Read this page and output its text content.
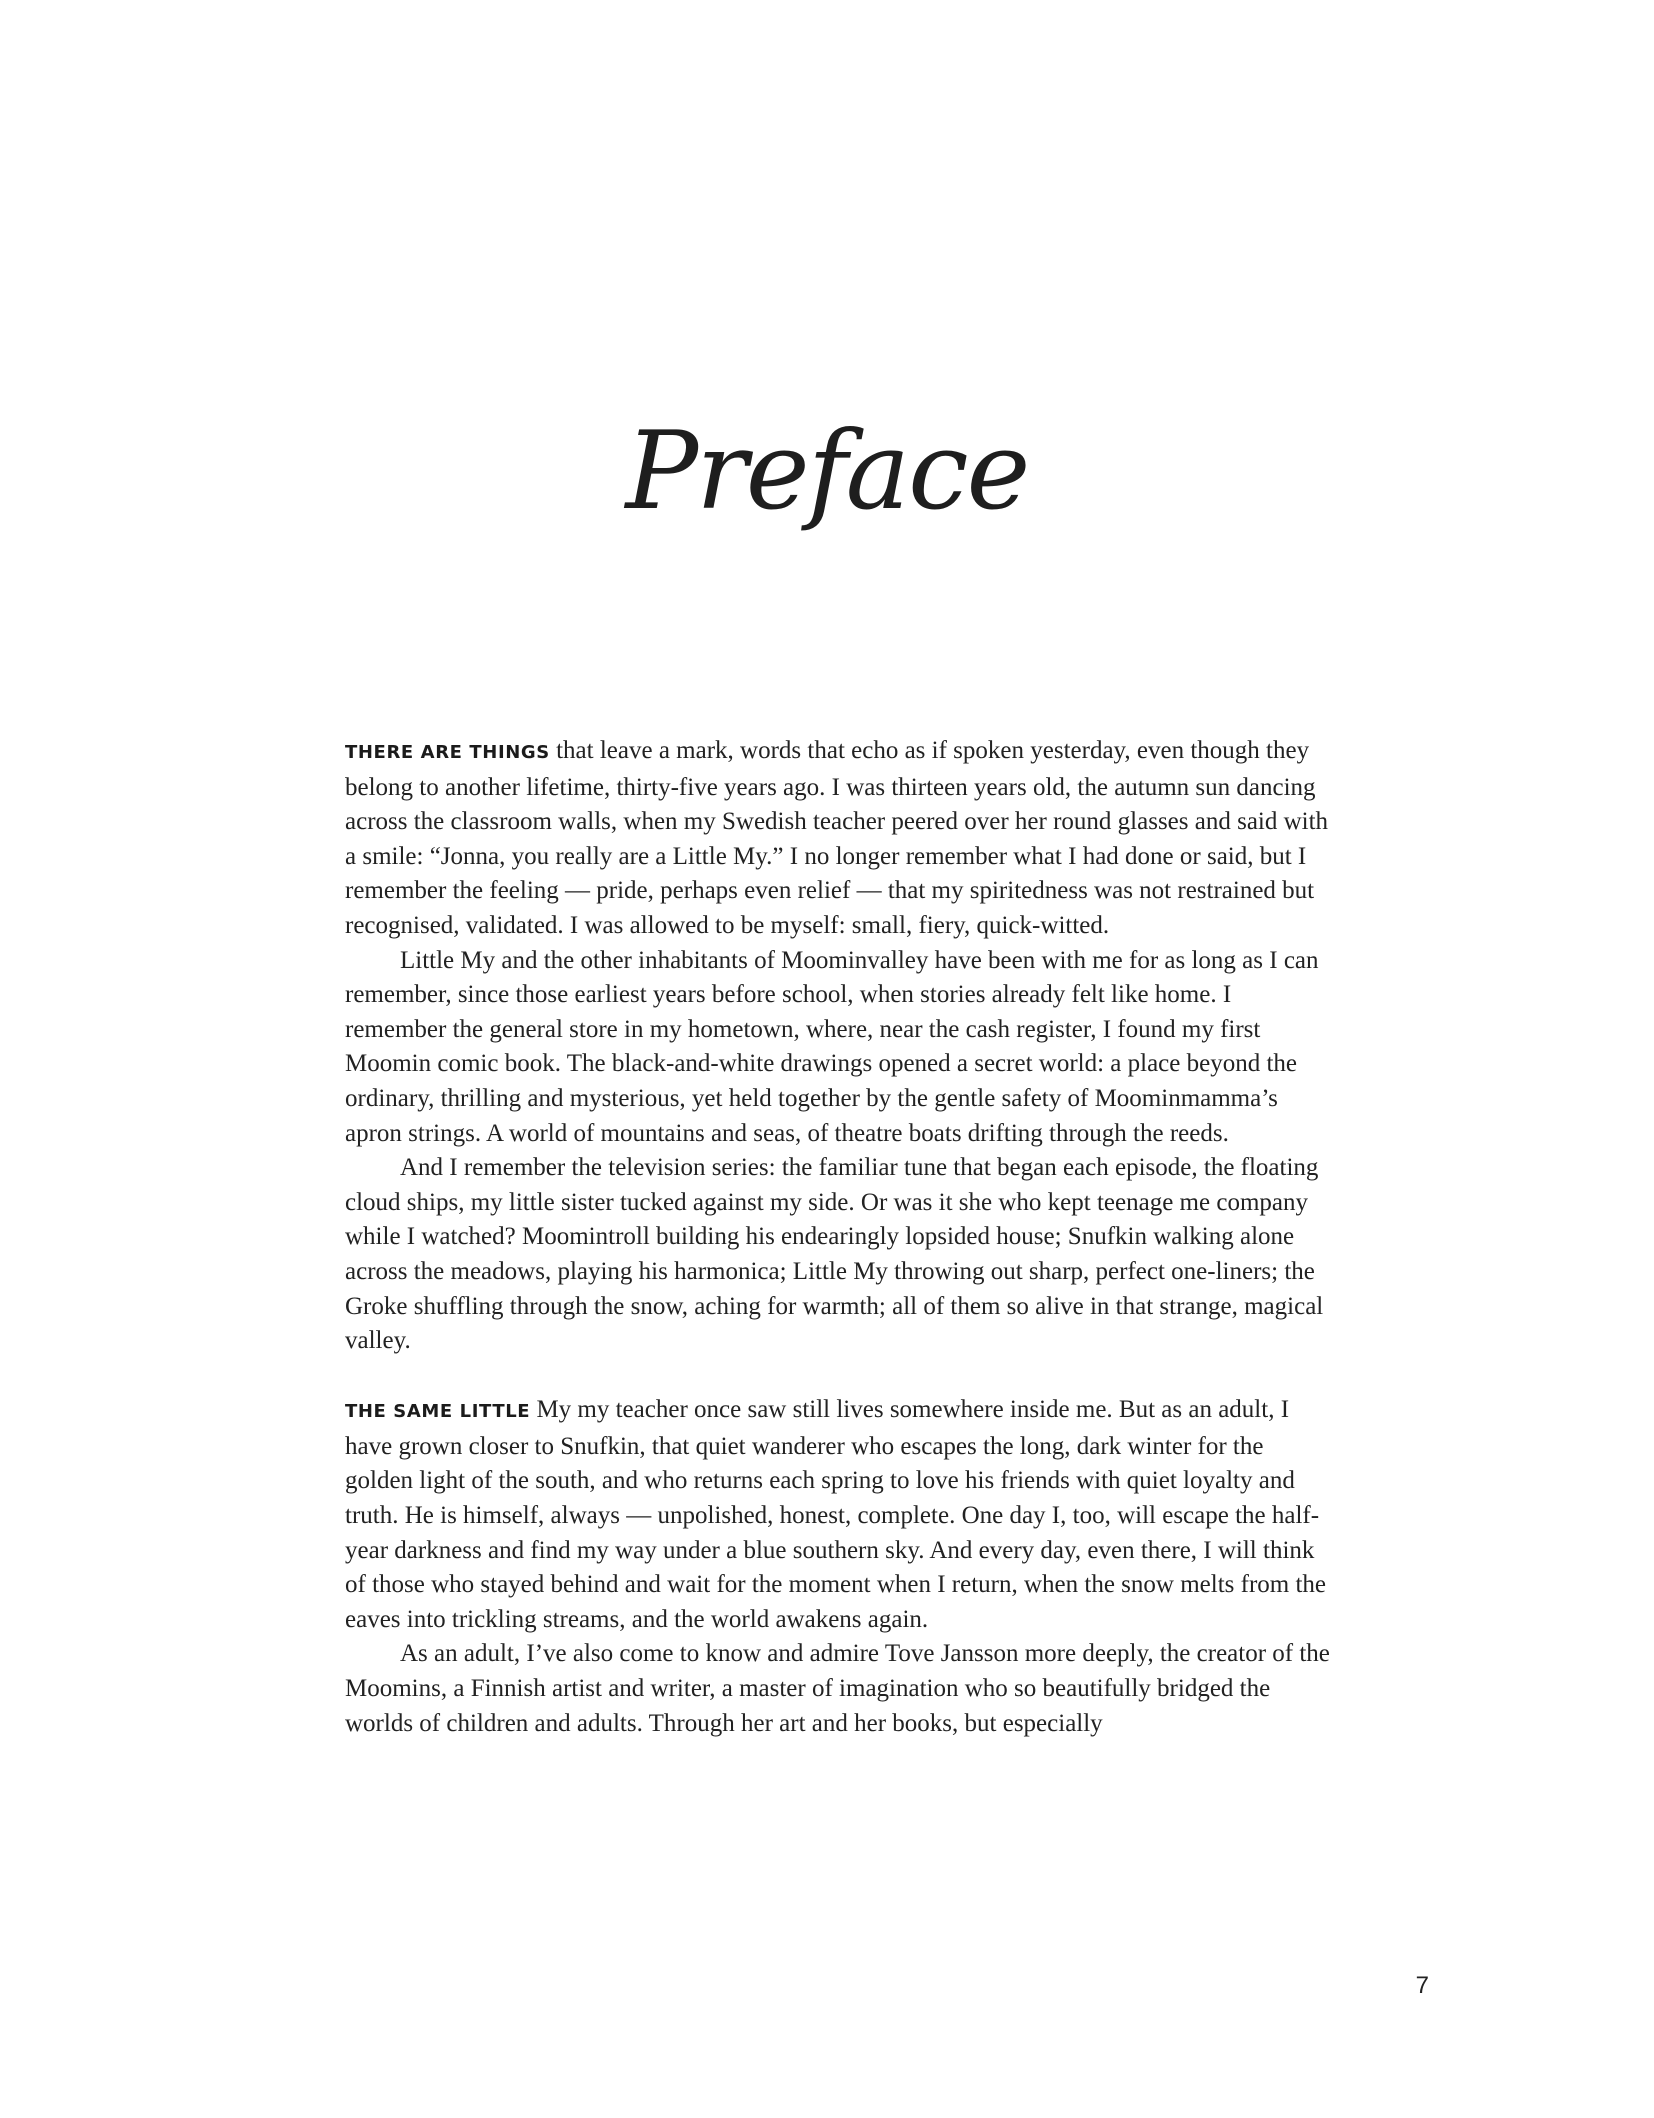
Preface

THERE ARE THINGS that leave a mark, words that echo as if spoken yesterday, even though they belong to another lifetime, thirty-five years ago. I was thirteen years old, the autumn sun dancing across the classroom walls, when my Swedish teacher peered over her round glasses and said with a smile: “Jonna, you really are a Little My.” I no longer remember what I had done or said, but I remember the feeling — pride, perhaps even relief — that my spiritedness was not restrained but recognised, validated. I was allowed to be myself: small, fiery, quick-witted.

Little My and the other inhabitants of Moominvalley have been with me for as long as I can remember, since those earliest years before school, when stories already felt like home. I remember the general store in my hometown, where, near the cash register, I found my first Moomin comic book. The black-and-white drawings opened a secret world: a place beyond the ordinary, thrilling and mysterious, yet held together by the gentle safety of Moominmamma’s apron strings. A world of mountains and seas, of theatre boats drifting through the reeds.

And I remember the television series: the familiar tune that began each episode, the floating cloud ships, my little sister tucked against my side. Or was it she who kept teenage me company while I watched? Moomintroll building his endearingly lopsided house; Snufkin walking alone across the meadows, playing his harmonica; Little My throwing out sharp, perfect one-liners; the Groke shuffling through the snow, aching for warmth; all of them so alive in that strange, magical valley.

THE SAME LITTLE My my teacher once saw still lives somewhere inside me. But as an adult, I have grown closer to Snufkin, that quiet wanderer who escapes the long, dark winter for the golden light of the south, and who returns each spring to love his friends with quiet loyalty and truth. He is himself, always — unpolished, honest, complete. One day I, too, will escape the half-year darkness and find my way under a blue southern sky. And every day, even there, I will think of those who stayed behind and wait for the moment when I return, when the snow melts from the eaves into trickling streams, and the world awakens again.

As an adult, I’ve also come to know and admire Tove Jansson more deeply, the creator of the Moomins, a Finnish artist and writer, a master of imagination who so beautifully bridged the worlds of children and adults. Through her art and her books, but especially

7
